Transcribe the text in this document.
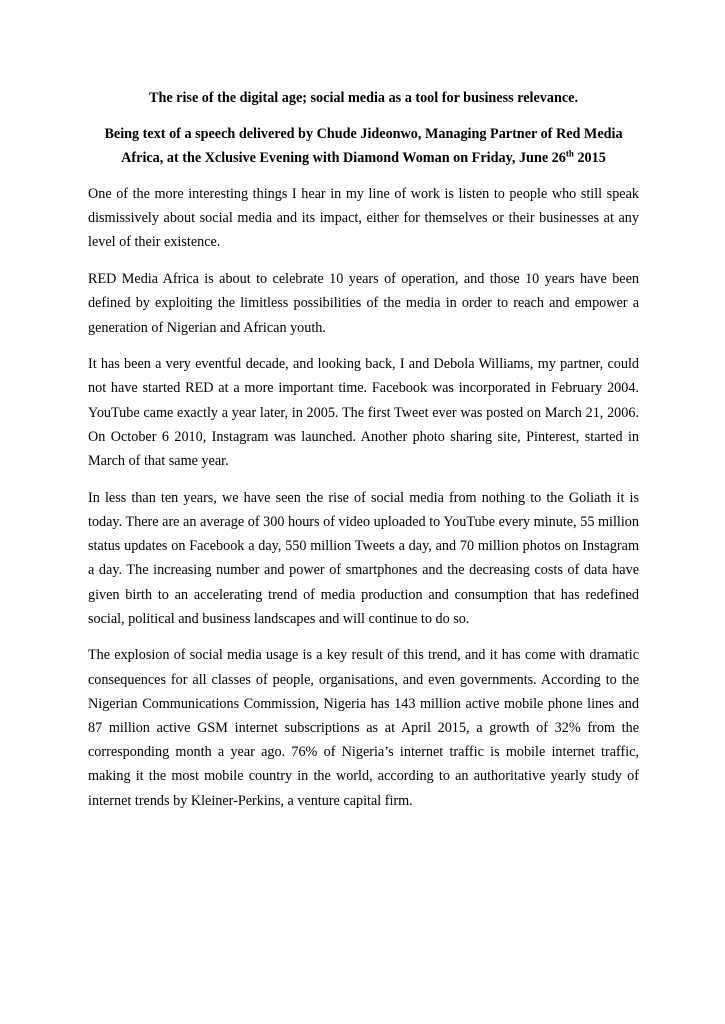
The rise of the digital age; social media as a tool for business relevance.

Being text of a speech delivered by Chude Jideonwo, Managing Partner of Red Media Africa, at the Xclusive Evening with Diamond Woman on Friday, June 26th 2015

One of the more interesting things I hear in my line of work is listen to people who still speak dismissively about social media and its impact, either for themselves or their businesses at any level of their existence.

RED Media Africa is about to celebrate 10 years of operation, and those 10 years have been defined by exploiting the limitless possibilities of the media in order to reach and empower a generation of Nigerian and African youth.

It has been a very eventful decade, and looking back, I and Debola Williams, my partner, could not have started RED at a more important time. Facebook was incorporated in February 2004. YouTube came exactly a year later, in 2005. The first Tweet ever was posted on March 21, 2006. On October 6 2010, Instagram was launched. Another photo sharing site, Pinterest, started in March of that same year.

In less than ten years, we have seen the rise of social media from nothing to the Goliath it is today. There are an average of 300 hours of video uploaded to YouTube every minute, 55 million status updates on Facebook a day, 550 million Tweets a day, and 70 million photos on Instagram a day. The increasing number and power of smartphones and the decreasing costs of data have given birth to an accelerating trend of media production and consumption that has redefined social, political and business landscapes and will continue to do so.

The explosion of social media usage is a key result of this trend, and it has come with dramatic consequences for all classes of people, organisations, and even governments. According to the Nigerian Communications Commission, Nigeria has 143 million active mobile phone lines and 87 million active GSM internet subscriptions as at April 2015, a growth of 32% from the corresponding month a year ago. 76% of Nigeria’s internet traffic is mobile internet traffic, making it the most mobile country in the world, according to an authoritative yearly study of internet trends by Kleiner-Perkins, a venture capital firm.
